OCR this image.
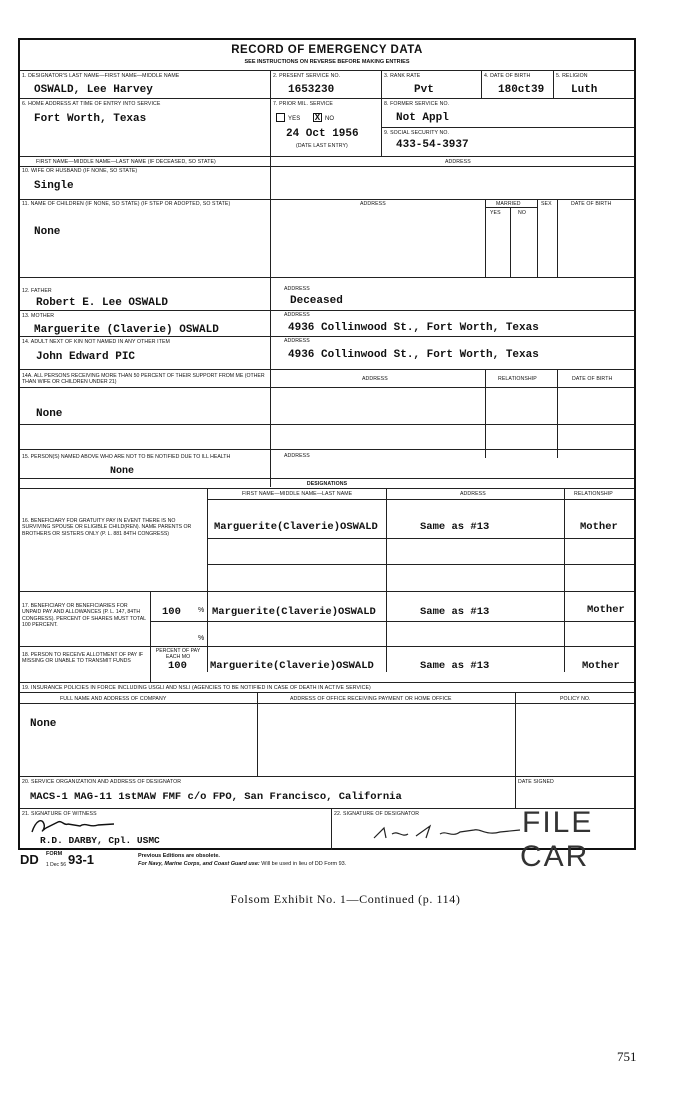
RECORD OF EMERGENCY DATA
SEE INSTRUCTIONS ON REVERSE BEFORE MAKING ENTRIES
1. DESIGNATOR'S LAST NAME—FIRST NAME—MIDDLE NAME	2. PRESENT SERVICE NO.	3. RANK RATE	4. DATE OF BIRTH	5. RELIGION
OSWALD, Lee Harvey	1653230	Pvt	180ct39 Luth
6. HOME ADDRESS AT TIME OF ENTRY INTO SERVICE	7. PRIOR MIL. SERVICE	8. FORMER SERVICE NO.
Fort Worth, Texas	YES X NO	Not Appl
24 Oct 1956
(DATE LAST ENTRY)
9. SOCIAL SECURITY NO.
433-54-3937
FIRST NAME—MIDDLE NAME—LAST NAME (IF DECEASED, SO STATE)	ADDRESS
10. WIFE OR HUSBAND (IF NONE, SO STATE)
Single
11. NAME OF CHILDREN (IF NONE, SO STATE) (IF STEP OR ADOPTED, SO STATE)	ADDRESS	MARRIED	SEX	DATE OF BIRTH
YES	NO
None
12. FATHER	ADDRESS
Robert E. Lee OSWALD	Deceased
13. MOTHER	ADDRESS
Marguerite (Claverie) OSWALD	4936 Collinwood St., Fort Worth, Texas
14. ADULT NEXT OF KIN NOT NAMED IN ANY OTHER ITEM	ADDRESS
John Edward PIC	4936 Collinwood St., Fort Worth, Texas
14A. ALL PERSONS RECEIVING MORE THAN 50 PERCENT OF THEIR SUPPORT FROM ME (OTHER THAN WIFE OR CHILDREN UNDER 21)
ADDRESS	RELATIONSHIP	DATE OF BIRTH
None
15. PERSON(S) NAMED ABOVE WHO ARE NOT TO BE NOTIFIED DUE TO ILL HEALTH	ADDRESS
None
DESIGNATIONS
FIRST NAME—MIDDLE NAME—LAST NAME	ADDRESS	RELATIONSHIP
16. BENEFICIARY FOR GRATUITY PAY IN EVENT THERE IS NO SURVIVING SPOUSE OR ELIGIBLE CHILD(REN). NAME PARENTS OR BROTHERS OR SISTERS ONLY (P. L. 881 84TH CONGRESS)
Marguerite(Claverie)OSWALD	Same as #13	Mother
17. BENEFICIARY OR BENEFICIARIES FOR UNPAID PAY AND ALLOWANCES (P. L. 147, 84TH CONGRESS). PERCENT OF SHARES MUST TOTAL 100 PERCENT.
100 % Marguerite(Claverie)OSWALD	Same as #13	Mother
%
18. PERSON TO RECEIVE ALLOTMENT OF PAY IF MISSING OR UNABLE TO TRANSMIT FUNDS
PERCENT OF PAY EACH MO
100 Marguerite(Claverie)OSWALD	Same as #13	Mother
19. INSURANCE POLICIES IN FORCE INCLUDING USGLI AND NSLI (AGENCIES TO BE NOTIFIED IN CASE OF DEATH IN ACTIVE SERVICE)
FULL NAME AND ADDRESS OF COMPANY	ADDRESS OF OFFICE RECEIVING PAYMENT OR HOME OFFICE	POLICY NO.
None
20. SERVICE ORGANIZATION AND ADDRESS OF DESIGNATOR	DATE SIGNED
MACS-1 MAG-11 1stMAW FMF c/o FPO, San Francisco, California
21. SIGNATURE OF WITNESS	22. SIGNATURE OF DESIGNATOR
R.D. DARBY, Cpl. USMC
FILE
CAR
DD FORM
1 Dec 56 93-1	Previous Editions are obsolete.
For Navy, Marine Corps, and Coast Guard use: Will be used in lieu of DD Form 93.
Folsom Exhibit No. 1—Continued (p. 114)
751
